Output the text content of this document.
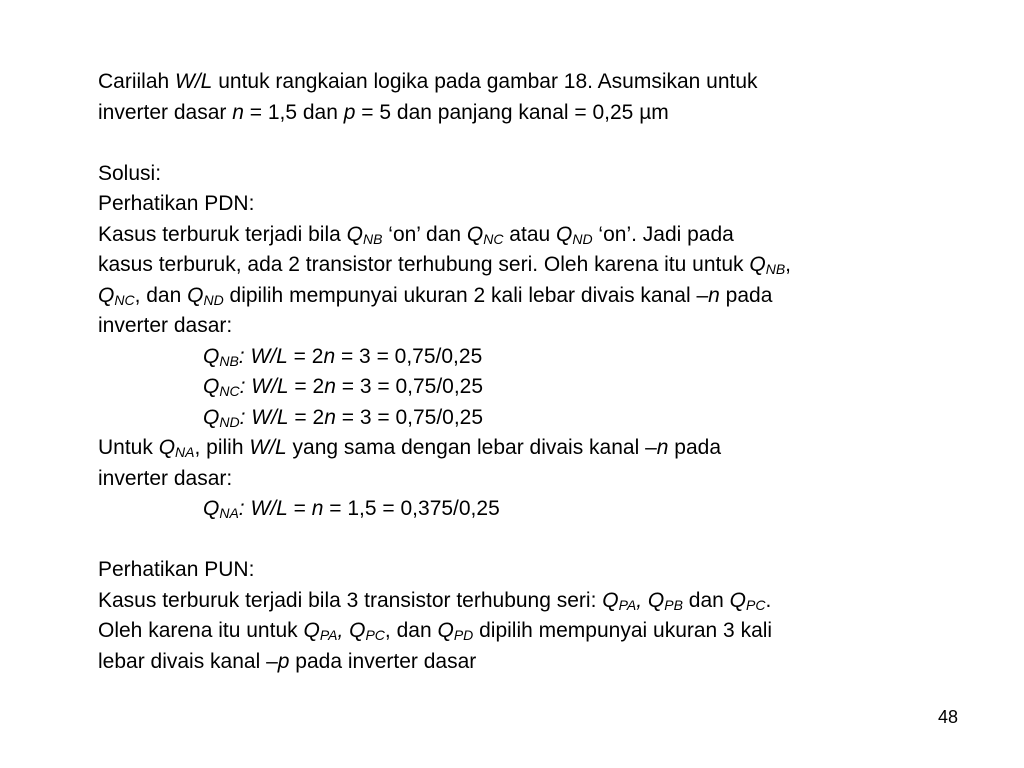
Cariilah W/L untuk rangkaian logika pada gambar 18. Asumsikan untuk
inverter dasar n = 1,5 dan p = 5 dan panjang kanal = 0,25 µm
Solusi:
Perhatikan PDN:
Kasus terburuk terjadi bila $Q_{NB}$ ‘on’ dan $Q_{NC}$ atau $Q_{ND}$ ‘on’. Jadi pada
kasus terburuk, ada 2 transistor terhubung seri. Oleh karena itu untuk $Q_{NB}$,
$Q_{NC}$, dan $Q_{ND}$ dipilih mempunyai ukuran 2 kali lebar divais kanal –n pada
inverter dasar:
$Q_{NB}$: W/L = 2n = 3 = 0,75/0,25
$Q_{NC}$: W/L = 2n = 3 = 0,75/0,25
$Q_{ND}$: W/L = 2n = 3 = 0,75/0,25
Untuk $Q_{NA}$, pilih W/L yang sama dengan lebar divais kanal –n pada
inverter dasar:
$Q_{NA}$: W/L = n = 1,5 = 0,375/0,25
Perhatikan PUN:
Kasus terburuk terjadi bila 3 transistor terhubung seri: $Q_{PA}$, $Q_{PB}$ dan $Q_{PC}$.
Oleh karena itu untuk $Q_{PA}$, $Q_{PC}$, dan $Q_{PD}$ dipilih mempunyai ukuran 3 kali
lebar divais kanal –p pada inverter dasar
48
